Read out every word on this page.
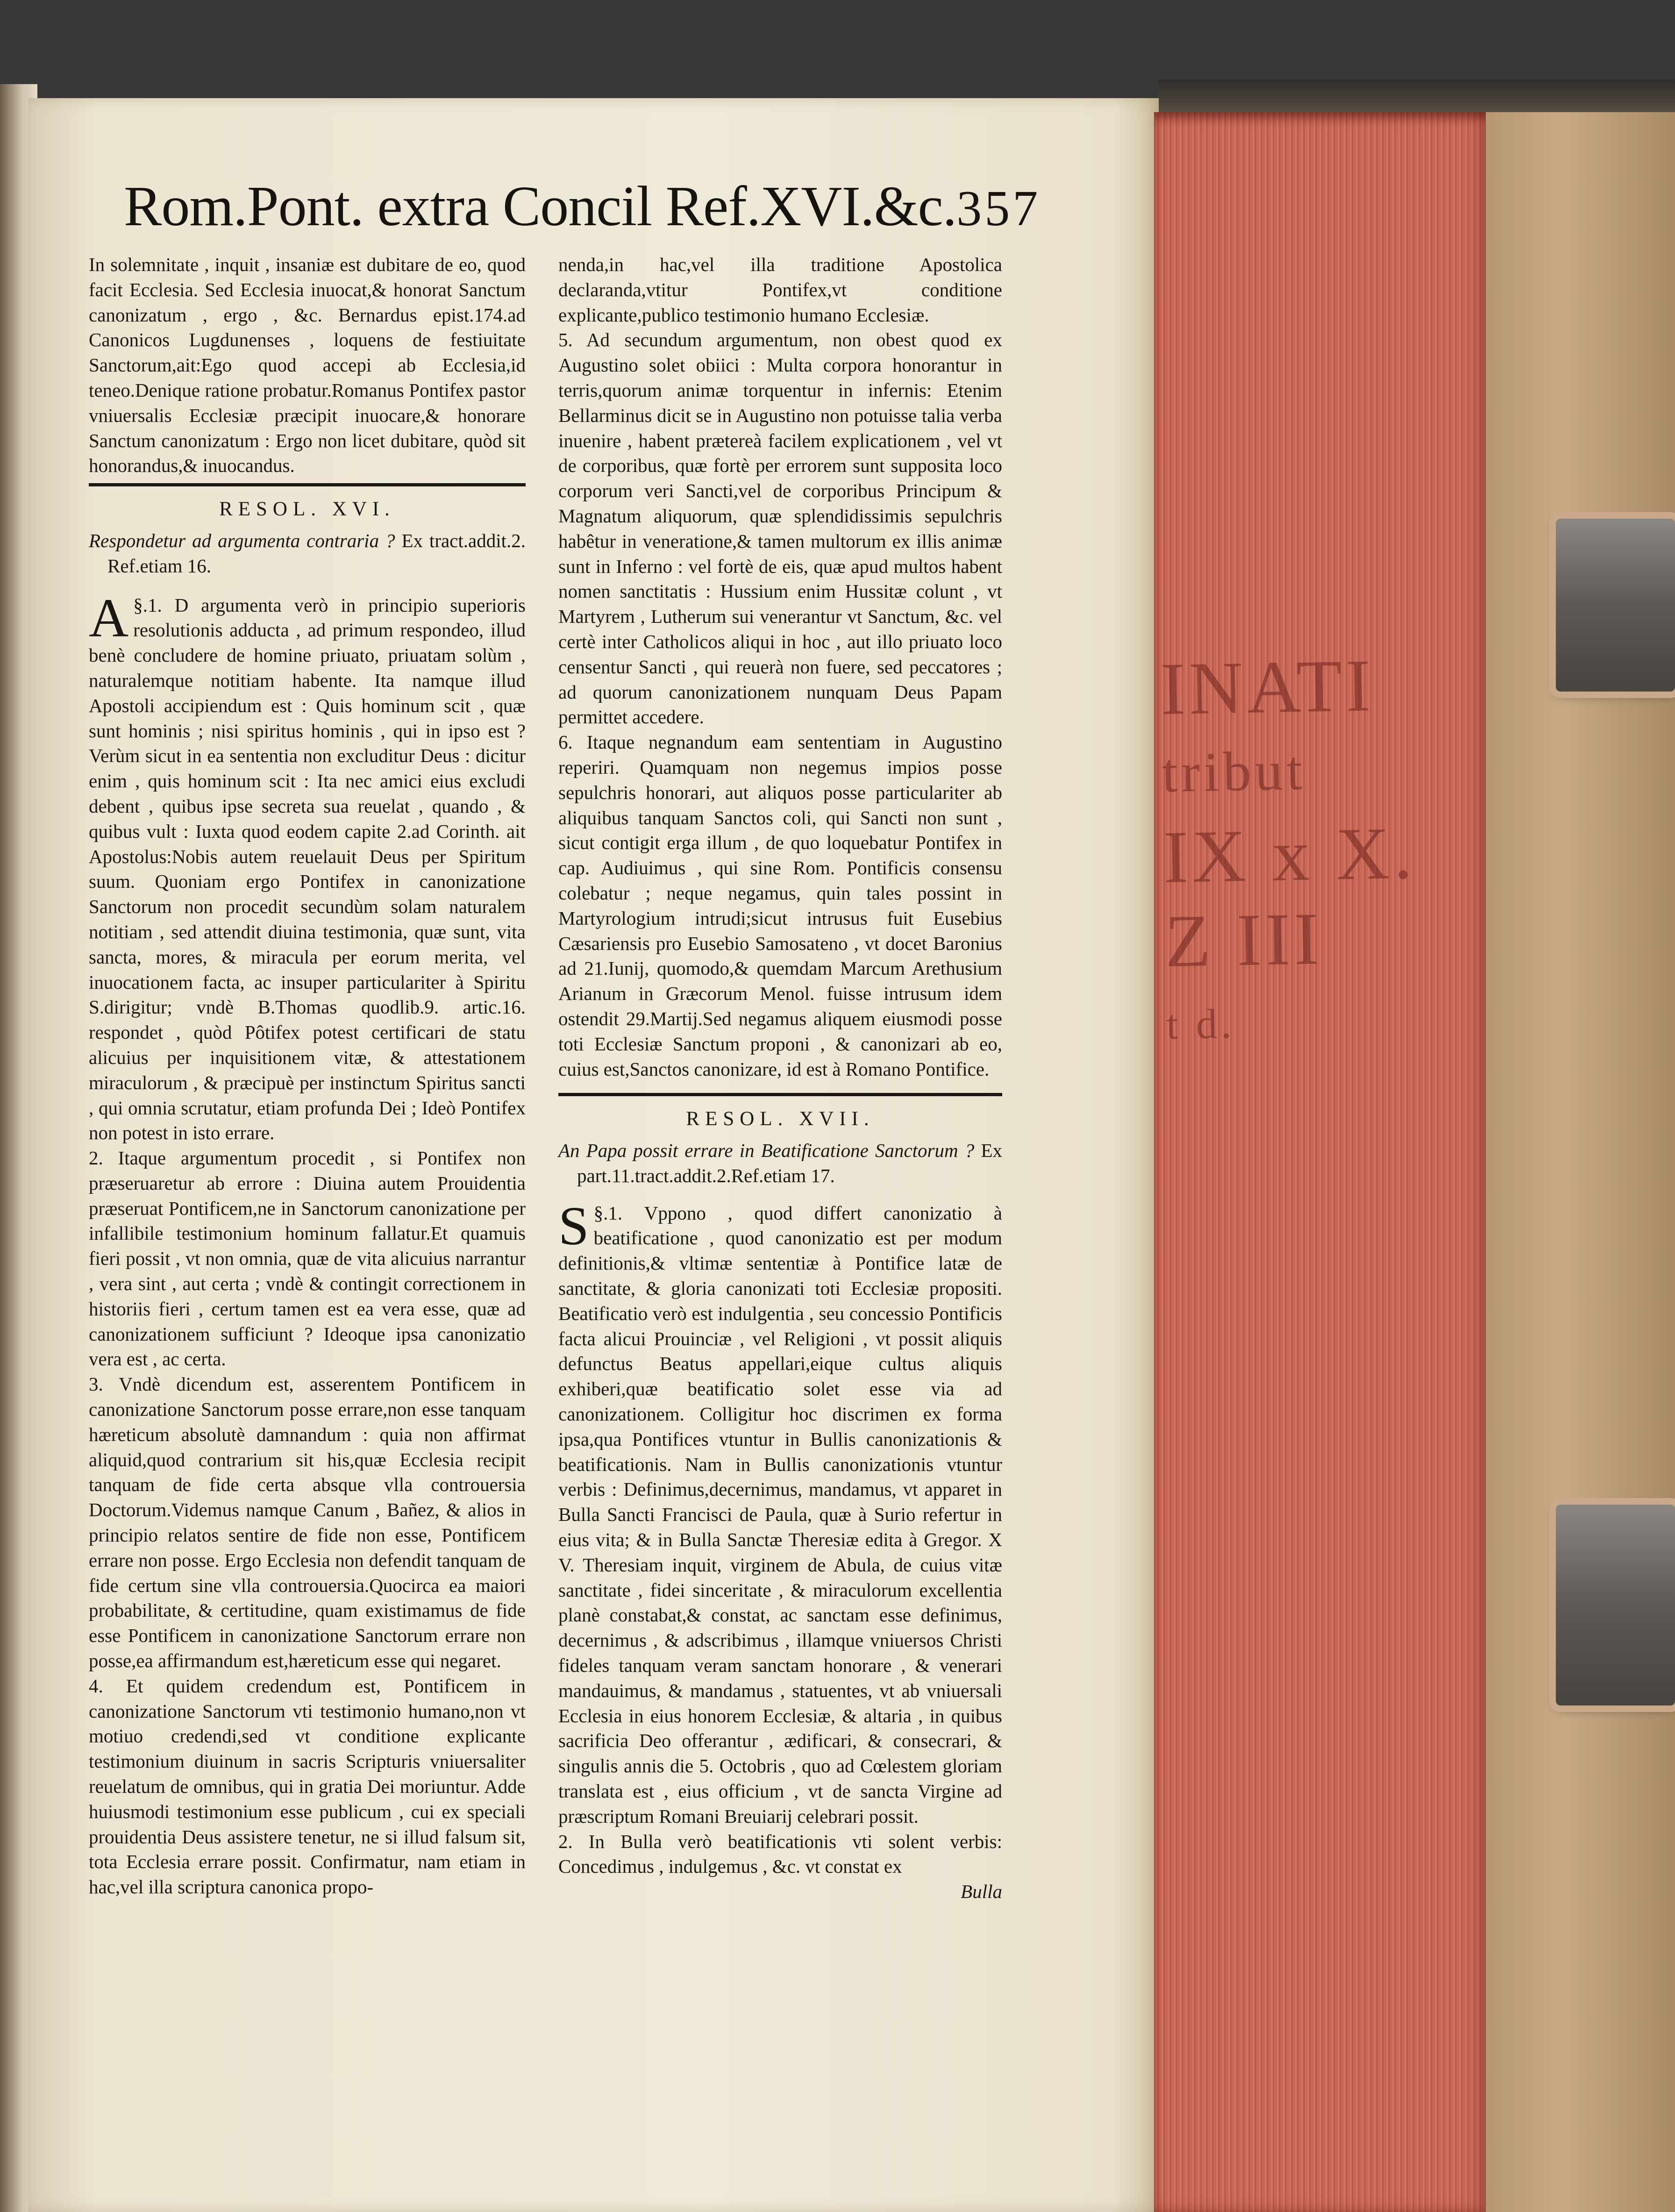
INATI
tribut
IX x X.
Z III
t d.
Rom.Pont. extra Concil Ref.XVI.&c. 357

In solemnitate , inquit , insaniæ est dubitare de eo, quod facit Ecclesia. Sed Ecclesia inuocat,& honorat Sanctum canonizatum , ergo , &c. Bernardus epist.174.ad Canonicos Lugdunenses , loquens de festiuitate Sanctorum,ait:Ego quod accepi ab Ecclesia,id teneo.Denique ratione probatur.Romanus Pontifex pastor vniuersalis Ecclesiæ præcipit inuocare,& honorare Sanctum canonizatum : Ergo non licet dubitare, quòd sit honorandus,& inuocandus.

RESOL. XVI.

Respondetur ad argumenta contraria ? Ex tract.addit.2. Ref.etiam 16.

§.1.
A D argumenta verò in principio superioris resolutionis adducta , ad primum respondeo, illud benè concludere de homine priuato, priuatam solùm , naturalemque notitiam habente. Ita namque illud Apostoli accipiendum est : Quis hominum scit , quæ sunt hominis ; nisi spiritus hominis , qui in ipso est ? Verùm sicut in ea sententia non excluditur Deus : dicitur enim , quis hominum scit : Ita nec amici eius excludi debent , quibus ipse secreta sua reuelat , quando , & quibus vult : Iuxta quod eodem capite 2.ad Corinth. ait Apostolus:Nobis autem reuelauit Deus per Spiritum suum. Quoniam ergo Pontifex in canonizatione Sanctorum non procedit secundùm solam naturalem notitiam , sed attendit diuina testimonia, quæ sunt, vita sancta, mores, & miracula per eorum merita, vel inuocationem facta, ac insuper particulariter à Spiritu S.dirigitur; vndè B.Thomas quodlib.9. artic.16. respondet , quòd Pôtifex potest certificari de statu alicuius per inquisitionem vitæ, & attestationem miraculorum , & præcipuè per instinctum Spiritus sancti , qui omnia scrutatur, etiam profunda Dei ; Ideò Pontifex non potest in isto errare.

2. Itaque argumentum procedit , si Pontifex non præseruaretur ab errore : Diuina autem Prouidentia præseruat Pontificem,ne in Sanctorum canonizatione per infallibile testimonium hominum fallatur.Et quamuis fieri possit , vt non omnia, quæ de vita alicuius narrantur , vera sint , aut certa ; vndè & contingit correctionem in historiis fieri , certum tamen est ea vera esse, quæ ad canonizationem sufficiunt ? Ideoque ipsa canonizatio vera est , ac certa.

3. Vndè dicendum est, asserentem Pontificem in canonizatione Sanctorum posse errare,non esse tanquam hæreticum absolutè damnandum : quia non affirmat aliquid,quod contrarium sit his,quæ Ecclesia recipit tanquam de fide certa absque vlla controuersia Doctorum.Videmus namque Canum , Bañez, & alios in principio relatos sentire de fide non esse, Pontificem errare non posse. Ergo Ecclesia non defendit tanquam de fide certum sine vlla controuersia.Quocirca ea maiori probabilitate, & certitudine, quam existimamus de fide esse Pontificem in canonizatione Sanctorum errare non posse,ea affirmandum est,hæreticum esse qui negaret.

4. Et quidem credendum est, Pontificem in canonizatione Sanctorum vti testimonio humano,non vt motiuo credendi,sed vt conditione explicante testimonium diuinum in sacris Scripturis vniuersaliter reuelatum de omnibus, qui in gratia Dei moriuntur. Adde huiusmodi testimonium esse publicum , cui ex speciali prouidentia Deus assistere tenetur, ne si illud falsum sit, tota Ecclesia errare possit. Confirmatur, nam etiam in hac,vel illa scriptura canonica propo-

nenda,in hac,vel illa traditione Apostolica declaranda,vtitur Pontifex,vt conditione explicante,publico testimonio humano Ecclesiæ.

5. Ad secundum argumentum, non obest quod ex Augustino solet obiici : Multa corpora honorantur in terris,quorum animæ torquentur in infernis: Etenim Bellarminus dicit se in Augustino non potuisse talia verba inuenire , habent prætereà facilem explicationem , vel vt de corporibus, quæ fortè per errorem sunt supposita loco corporum veri Sancti,vel de corporibus Principum & Magnatum aliquorum, quæ splendidissimis sepulchris habêtur in veneratione,& tamen multorum ex illis animæ sunt in Inferno : vel fortè de eis, quæ apud multos habent nomen sanctitatis : Hussium enim Hussitæ colunt , vt Martyrem , Lutherum sui venerantur vt Sanctum, &c. vel certè inter Catholicos aliqui in hoc , aut illo priuato loco censentur Sancti , qui reuerà non fuere, sed peccatores ; ad quorum canonizationem nunquam Deus Papam permittet accedere.

6. Itaque negnandum eam sententiam in Augustino reperiri. Quamquam non negemus impios posse sepulchris honorari, aut aliquos posse particulariter ab aliquibus tanquam Sanctos coli, qui Sancti non sunt , sicut contigit erga illum , de quo loquebatur Pontifex in cap. Audiuimus , qui sine Rom. Pontificis consensu colebatur ; neque negamus, quin tales possint in Martyrologium intrudi;sicut intrusus fuit Eusebius Cæsariensis pro Eusebio Samosateno , vt docet Baronius ad 21.Iunij, quomodo,& quemdam Marcum Arethusium Arianum in Græcorum Menol. fuisse intrusum idem ostendit 29.Martij.Sed negamus aliquem eiusmodi posse toti Ecclesiæ Sanctum proponi , & canonizari ab eo, cuius est,Sanctos canonizare, id est à Romano Pontifice.

RESOL. XVII.

An Papa possit errare in Beatificatione Sanctorum ? Ex part.11.tract.addit.2.Ref.etiam 17.

§.1.
S	Vppono , quod differt canonizatio à beatificatione , quod canonizatio est per modum definitionis,& vltimæ sententiæ à Pontifice latæ de sanctitate, & gloria canonizati toti Ecclesiæ propositi. Beatificatio verò est indulgentia , seu concessio Pontificis facta alicui Prouinciæ , vel Religioni , vt possit aliquis defunctus Beatus appellari,eique cultus aliquis exhiberi,quæ beatificatio solet esse via ad canonizationem. Colligitur hoc discrimen ex forma ipsa,qua Pontifices vtuntur in Bullis canonizationis & beatificationis. Nam in Bullis canonizationis vtuntur verbis : Definimus,decernimus, mandamus, vt apparet in Bulla Sancti Francisci de Paula, quæ à Surio refertur in eius vita; & in Bulla Sanctæ Theresiæ edita à Gregor. X V. Theresiam inquit, virginem de Abula, de cuius vitæ sanctitate , fidei sinceritate , & miraculorum excellentia planè constabat,& constat, ac sanctam esse definimus, decernimus , & adscribimus , illamque vniuersos Christi fideles tanquam veram sanctam honorare , & venerari mandauimus, & mandamus , statuentes, vt ab vniuersali Ecclesia in eius honorem Ecclesiæ, & altaria , in quibus sacrificia Deo offerantur , ædificari, & consecrari, & singulis annis die 5. Octobris , quo ad Cœlestem gloriam translata est , eius officium , vt de sancta Virgine ad præscriptum Romani Breuiarij celebrari possit.

2. In Bulla verò beatificationis vti solent verbis: Concedimus , indulgemus , &c. vt constat ex

Bulla
